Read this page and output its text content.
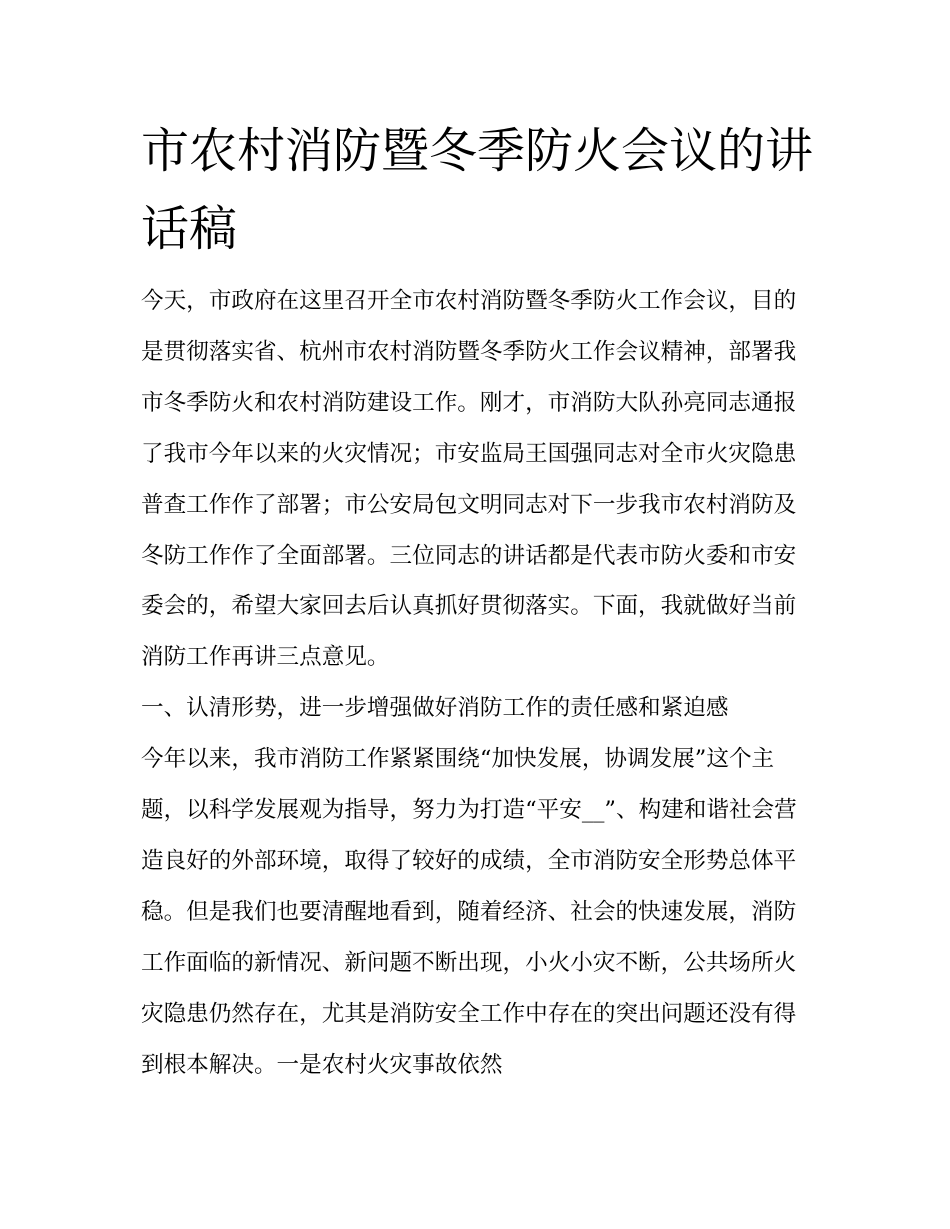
市农村消防暨冬季防火会议的讲话稿

今天，市政府在这里召开全市农村消防暨冬季防火工作会议，目的是贯彻落实省、杭州市农村消防暨冬季防火工作会议精神，部署我市冬季防火和农村消防建设工作。刚才，市消防大队孙亮同志通报了我市今年以来的火灾情况；市安监局王国强同志对全市火灾隐患普查工作作了部署；市公安局包文明同志对下一步我市农村消防及冬防工作作了全面部署。三位同志的讲话都是代表市防火委和市安委会的，希望大家回去后认真抓好贯彻落实。下面，我就做好当前消防工作再讲三点意见。

一、认清形势，进一步增强做好消防工作的责任感和紧迫感

今年以来，我市消防工作紧紧围绕“加快发展，协调发展”这个主题，以科学发展观为指导，努力为打造“平安__”、构建和谐社会营造良好的外部环境，取得了较好的成绩，全市消防安全形势总体平稳。但是我们也要清醒地看到，随着经济、社会的快速发展，消防工作面临的新情况、新问题不断出现，小火小灾不断，公共场所火灾隐患仍然存在，尤其是消防安全工作中存在的突出问题还没有得到根本解决。一是农村火灾事故依然
